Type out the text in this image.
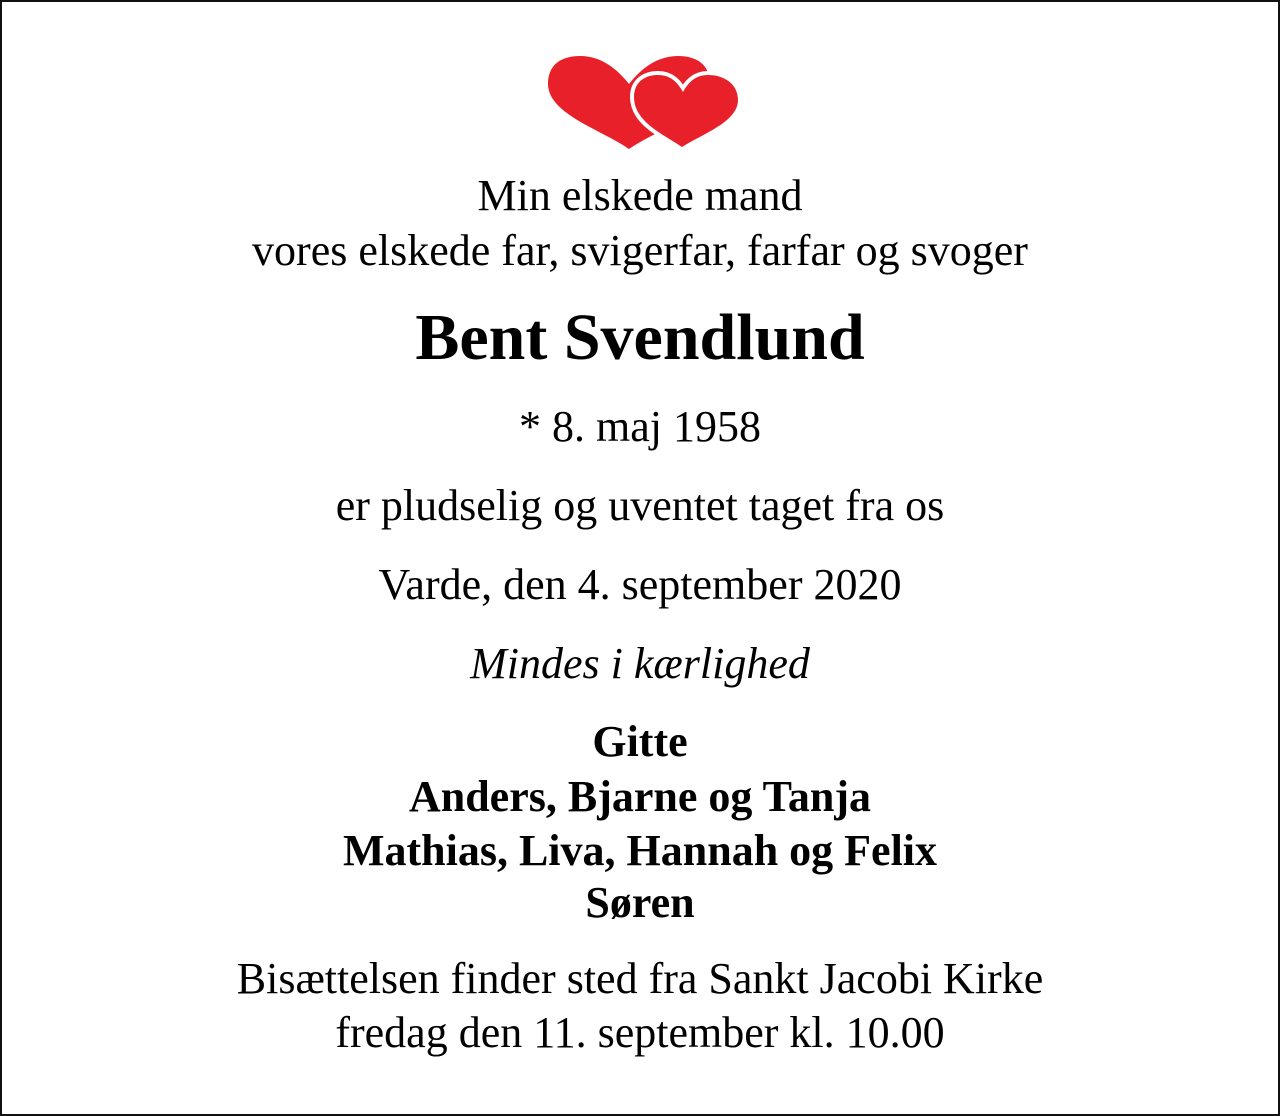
Min elskede mand
vores elskede far, svigerfar, farfar og svoger
Bent Svendlund
* 8. maj 1958
er pludselig og uventet taget fra os
Varde, den 4. september 2020
Mindes i kærlighed
Gitte
Anders, Bjarne og Tanja
Mathias, Liva, Hannah og Felix
Søren
Bisættelsen finder sted fra Sankt Jacobi Kirke
fredag den 11. september kl. 10.00
